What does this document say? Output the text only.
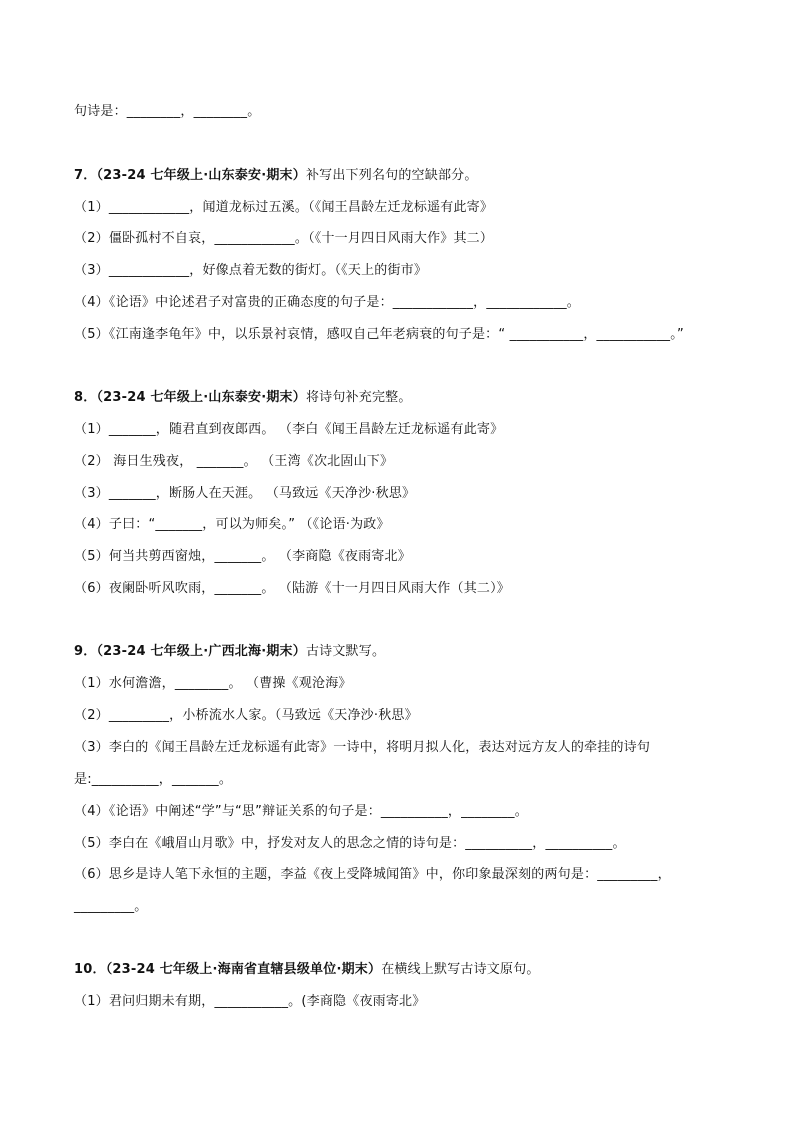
句诗是：________，________。
7．（23-24 七年级上·山东泰安·期末）补写出下列名句的空缺部分。
（1）____________，闻道龙标过五溪。（《闻王昌龄左迁龙标遥有此寄》
（2）僵卧孤村不自哀，____________。（《十一月四日风雨大作》其二）
（3）____________，好像点着无数的街灯。（《天上的街市》
（4）《论语》中论述君子对富贵的正确态度的句子是：____________，____________。
（5）《江南逢李龟年》中，以乐景衬哀情，感叹自己年老病衰的句子是：“ ___________，___________。”
8．（23-24 七年级上·山东泰安·期末）将诗句补充完整。
（1）_______，随君直到夜郎西。 （李白《闻王昌龄左迁龙标遥有此寄》
（2） 海日生残夜， _______。 （王湾《次北固山下》
（3）_______，断肠人在天涯。 （马致远《天净沙·秋思》
（4）子曰：“_______，可以为师矣。” （《论语·为政》
（5）何当共剪西窗烛，_______。 （李商隐《夜雨寄北》
（6）夜阑卧听风吹雨，_______。 （陆游《十一月四日风雨大作（其二）》
9．（23-24 七年级上·广西北海·期末）古诗文默写。
（1）水何澹澹，________。 （曹操《观沧海》
（2）_________，小桥流水人家。（马致远《天净沙·秋思》
（3）李白的《闻王昌龄左迁龙标遥有此寄》一诗中，将明月拟人化，表达对远方友人的牵挂的诗句
是:__________，_______。
（4）《论语》中阐述“学”与“思”辩证关系的句子是：__________，________。
（5）李白在《峨眉山月歌》中，抒发对友人的思念之情的诗句是：__________，__________。
（6）思乡是诗人笔下永恒的主题，李益《夜上受降城闻笛》中，你印象最深刻的两句是：_________，
_________。
10．（23-24 七年级上·海南省直辖县级单位·期末）在横线上默写古诗文原句。
（1）君问归期未有期，___________。(李商隐《夜雨寄北》
